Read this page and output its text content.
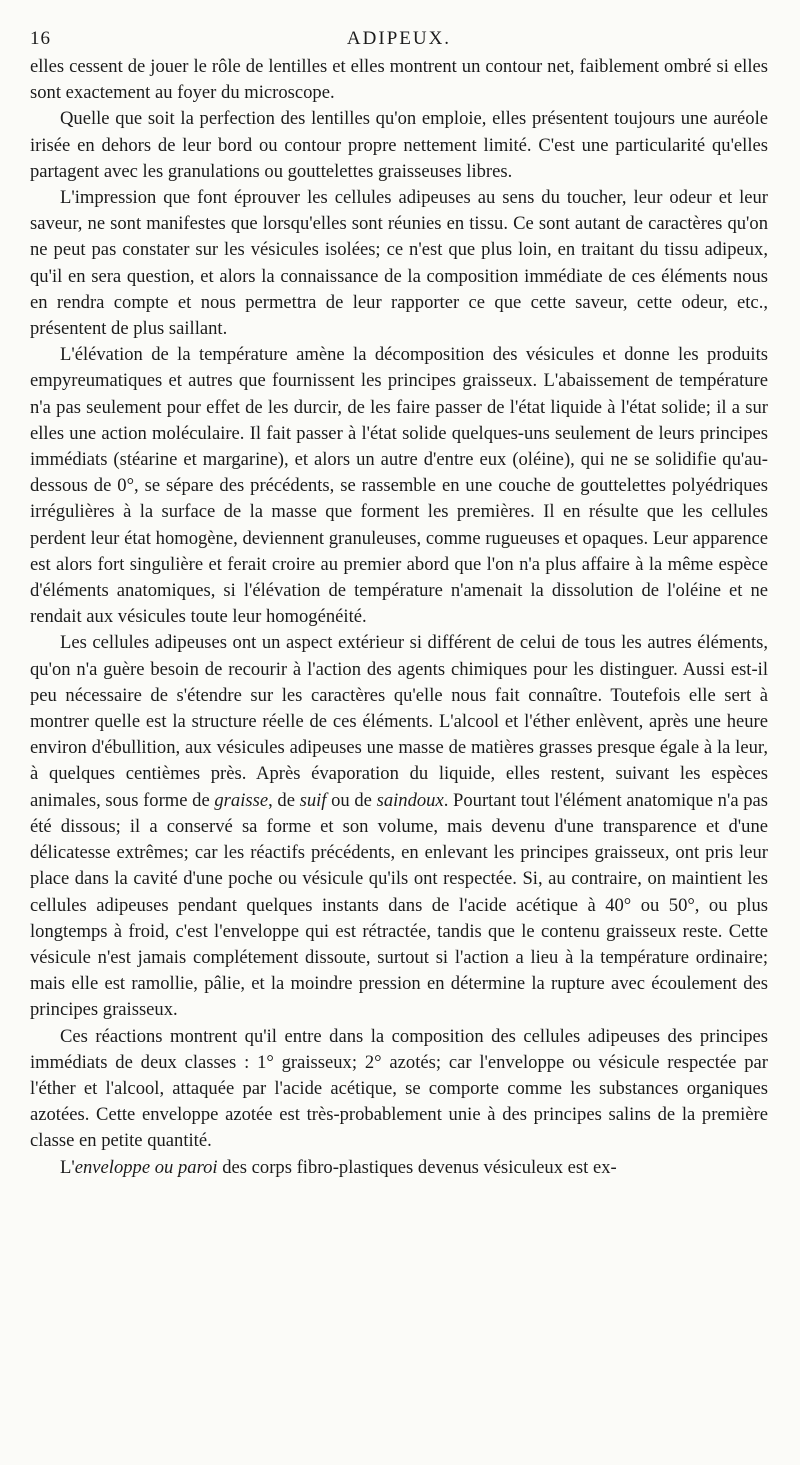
16	ADIPEUX.

elles cessent de jouer le rôle de lentilles et elles montrent un contour net, faiblement ombré si elles sont exactement au foyer du microscope.

Quelle que soit la perfection des lentilles qu'on emploie, elles présentent toujours une auréole irisée en dehors de leur bord ou contour propre nettement limité. C'est une particularité qu'elles partagent avec les granulations ou gouttelettes graisseuses libres.

L'impression que font éprouver les cellules adipeuses au sens du toucher, leur odeur et leur saveur, ne sont manifestes que lorsqu'elles sont réunies en tissu. Ce sont autant de caractères qu'on ne peut pas constater sur les vésicules isolées; ce n'est que plus loin, en traitant du tissu adipeux, qu'il en sera question, et alors la connaissance de la composition immédiate de ces éléments nous en rendra compte et nous permettra de leur rapporter ce que cette saveur, cette odeur, etc., présentent de plus saillant.

L'élévation de la température amène la décomposition des vésicules et donne les produits empyreumatiques et autres que fournissent les principes graisseux. L'abaissement de température n'a pas seulement pour effet de les durcir, de les faire passer de l'état liquide à l'état solide; il a sur elles une action moléculaire. Il fait passer à l'état solide quelques-uns seulement de leurs principes immédiats (stéarine et margarine), et alors un autre d'entre eux (oléine), qui ne se solidifie qu'au-dessous de 0°, se sépare des précédents, se rassemble en une couche de gouttelettes polyédriques irrégulières à la surface de la masse que forment les premières. Il en résulte que les cellules perdent leur état homogène, deviennent granuleuses, comme rugueuses et opaques. Leur apparence est alors fort singulière et ferait croire au premier abord que l'on n'a plus affaire à la même espèce d'éléments anatomiques, si l'élévation de température n'amenait la dissolution de l'oléine et ne rendait aux vésicules toute leur homogénéité.

Les cellules adipeuses ont un aspect extérieur si différent de celui de tous les autres éléments, qu'on n'a guère besoin de recourir à l'action des agents chimiques pour les distinguer. Aussi est-il peu nécessaire de s'étendre sur les caractères qu'elle nous fait connaître. Toutefois elle sert à montrer quelle est la structure réelle de ces éléments. L'alcool et l'éther enlèvent, après une heure environ d'ébullition, aux vésicules adipeuses une masse de matières grasses presque égale à la leur, à quelques centièmes près. Après évaporation du liquide, elles restent, suivant les espèces animales, sous forme de graisse, de suif ou de saindoux. Pourtant tout l'élément anatomique n'a pas été dissous; il a conservé sa forme et son volume, mais devenu d'une transparence et d'une délicatesse extrêmes; car les réactifs précédents, en enlevant les principes graisseux, ont pris leur place dans la cavité d'une poche ou vésicule qu'ils ont respectée. Si, au contraire, on maintient les cellules adipeuses pendant quelques instants dans de l'acide acétique à 40° ou 50°, ou plus longtemps à froid, c'est l'enveloppe qui est rétractée, tandis que le contenu graisseux reste. Cette vésicule n'est jamais complétement dissoute, surtout si l'action a lieu à la température ordinaire; mais elle est ramollie, pâlie, et la moindre pression en détermine la rupture avec écoulement des principes graisseux.

Ces réactions montrent qu'il entre dans la composition des cellules adipeuses des principes immédiats de deux classes : 1° graisseux; 2° azotés; car l'enveloppe ou vésicule respectée par l'éther et l'alcool, attaquée par l'acide acétique, se comporte comme les substances organiques azotées. Cette enveloppe azotée est très-probablement unie à des principes salins de la première classe en petite quantité.

L'enveloppe ou paroi des corps fibro-plastiques devenus vésiculeux est ex-
